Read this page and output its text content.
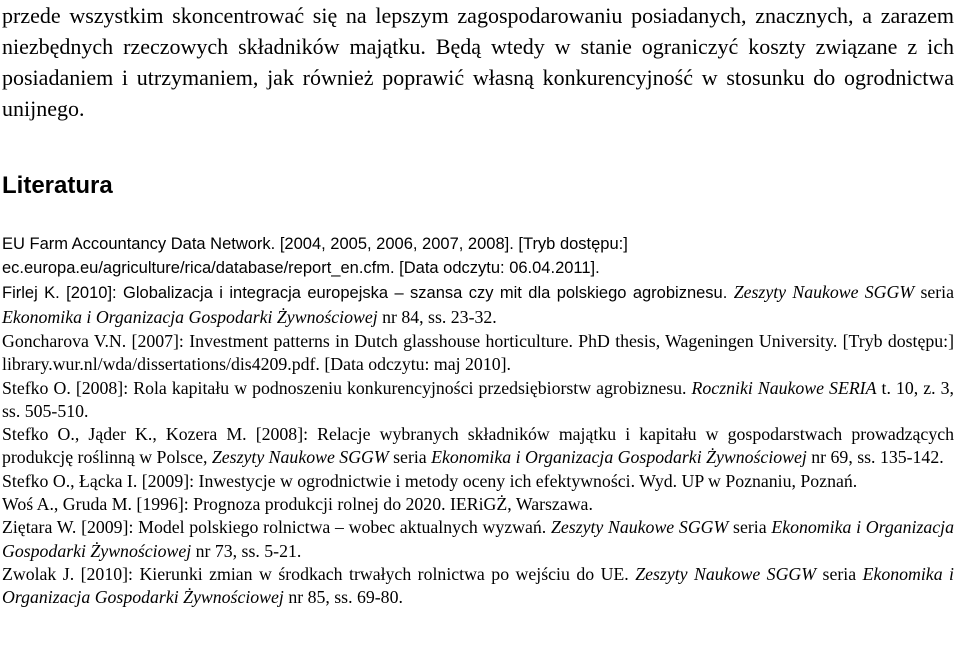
przede wszystkim skoncentrować się na lepszym zagospodarowaniu posiadanych, znacznych, a zarazem niezbędnych rzeczowych składników majątku. Będą wtedy w stanie ograniczyć koszty związane z ich posiadaniem i utrzymaniem, jak również poprawić własną konkurencyjność w stosunku do ogrodnictwa unijnego.

Literatura

EU Farm Accountancy Data Network. [2004, 2005, 2006, 2007, 2008]. [Tryb dostępu:]
ec.europa.eu/agriculture/rica/database/report_en.cfm. [Data odczytu: 06.04.2011].

Firlej K. [2010]: Globalizacja i integracja europejska – szansa czy mit dla polskiego agrobiznesu. Zeszyty Naukowe SGGW seria Ekonomika i Organizacja Gospodarki Żywnościowej nr 84, ss. 23-32.

Goncharova V.N. [2007]: Investment patterns in Dutch glasshouse horticulture. PhD thesis, Wageningen University. [Tryb dostępu:] library.wur.nl/wda/dissertations/dis4209.pdf. [Data odczytu: maj 2010].

Stefko O. [2008]: Rola kapitału w podnoszeniu konkurencyjności przedsiębiorstw agrobiznesu. Roczniki Naukowe SERIA t. 10, z. 3, ss. 505-510.

Stefko O., Jąder K., Kozera M. [2008]: Relacje wybranych składników majątku i kapitału w gospodarstwach prowadzących produkcję roślinną w Polsce, Zeszyty Naukowe SGGW seria Ekonomika i Organizacja Gospodarki Żywnościowej nr 69, ss. 135-142.

Stefko O., Łącka I. [2009]: Inwestycje w ogrodnictwie i metody oceny ich efektywności. Wyd. UP w Poznaniu, Poznań.

Woś A., Gruda M. [1996]: Prognoza produkcji rolnej do 2020. IERiGŻ, Warszawa.

Ziętara W. [2009]: Model polskiego rolnictwa – wobec aktualnych wyzwań. Zeszyty Naukowe SGGW seria Ekonomika i Organizacja Gospodarki Żywnościowej nr 73, ss. 5-21.

Zwolak J. [2010]: Kierunki zmian w środkach trwałych rolnictwa po wejściu do UE. Zeszyty Naukowe SGGW seria Ekonomika i Organizacja Gospodarki Żywnościowej nr 85, ss. 69-80.
